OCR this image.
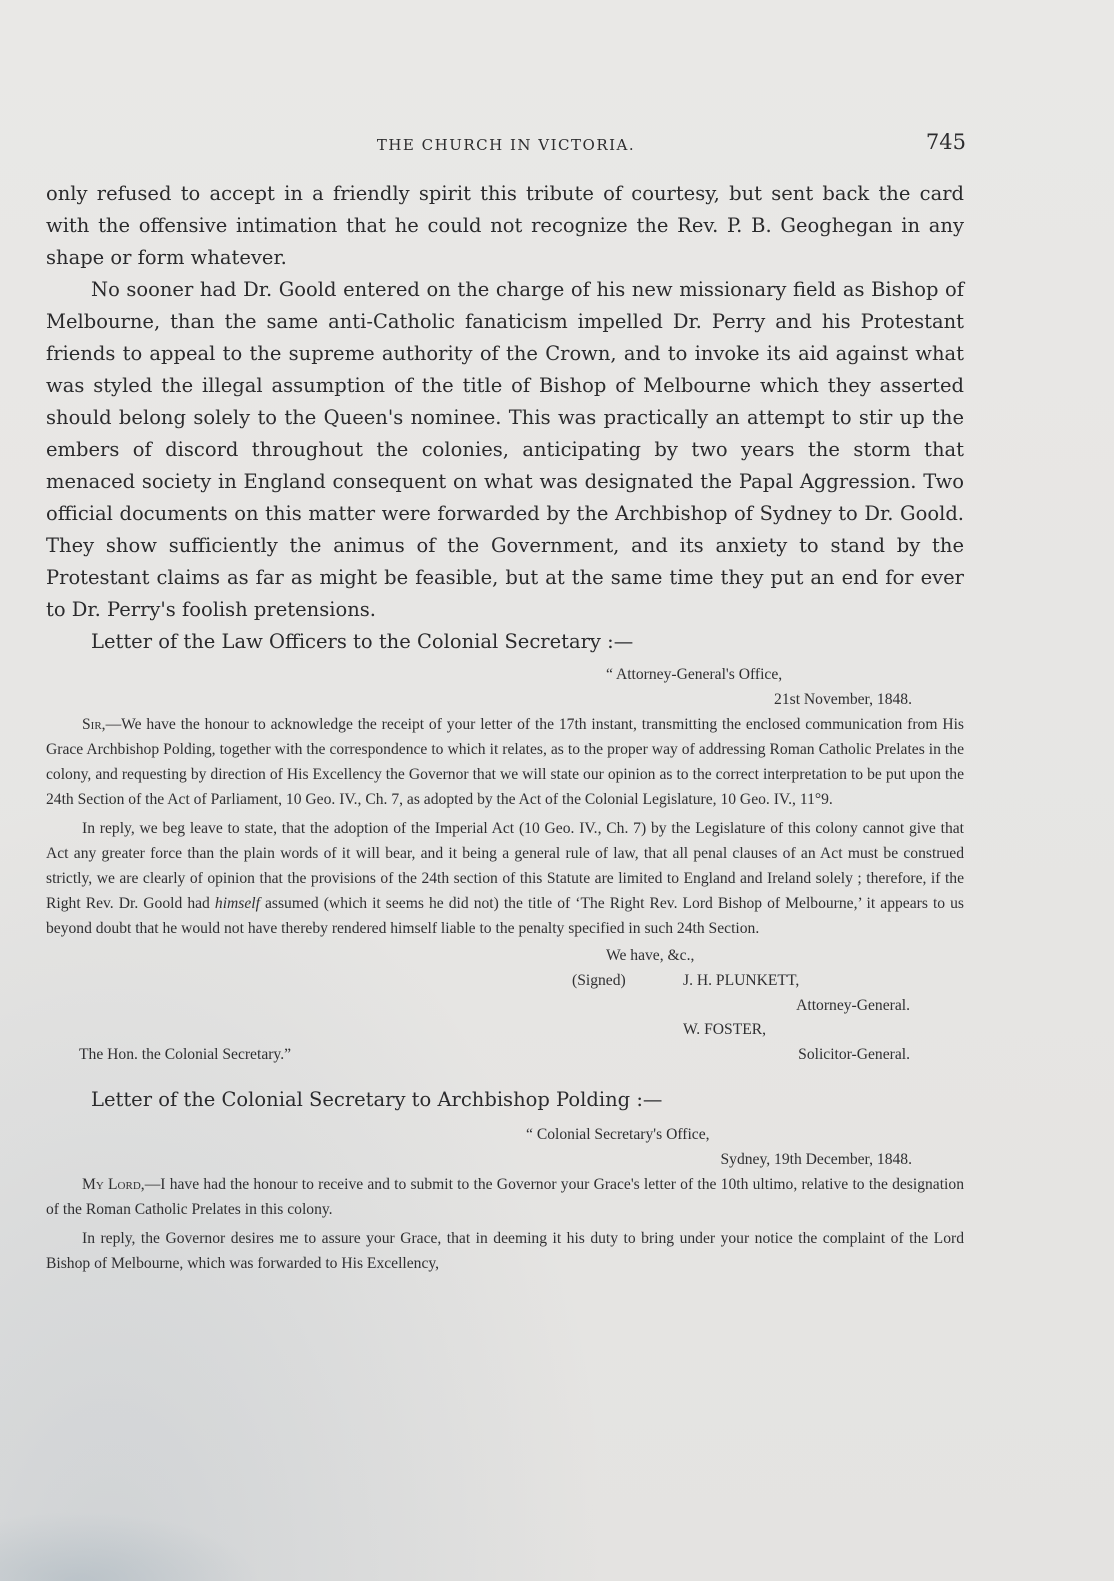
THE CHURCH IN VICTORIA.	745

only refused to accept in a friendly spirit this tribute of courtesy, but sent back the card with the offensive intimation that he could not recognize the Rev. P. B. Geoghegan in any shape or form whatever.

No sooner had Dr. Goold entered on the charge of his new missionary field as Bishop of Melbourne, than the same anti-Catholic fanaticism impelled Dr. Perry and his Protestant friends to appeal to the supreme authority of the Crown, and to invoke its aid against what was styled the illegal assumption of the title of Bishop of Melbourne which they asserted should belong solely to the Queen's nominee. This was practically an attempt to stir up the embers of discord throughout the colonies, anticipating by two years the storm that menaced society in England consequent on what was designated the Papal Aggression. Two official documents on this matter were forwarded by the Archbishop of Sydney to Dr. Goold. They show sufficiently the animus of the Government, and its anxiety to stand by the Protestant claims as far as might be feasible, but at the same time they put an end for ever to Dr. Perry's foolish pretensions.

Letter of the Law Officers to the Colonial Secretary :—

“ Attorney-General's Office,

21st November, 1848.

Sir,—We have the honour to acknowledge the receipt of your letter of the 17th instant, transmitting the enclosed communication from His Grace Archbishop Polding, together with the correspondence to which it relates, as to the proper way of addressing Roman Catholic Prelates in the colony, and requesting by direction of His Excellency the Governor that we will state our opinion as to the correct interpretation to be put upon the 24th Section of the Act of Parliament, 10 Geo. IV., Ch. 7, as adopted by the Act of the Colonial Legislature, 10 Geo. IV., 11°9.

In reply, we beg leave to state, that the adoption of the Imperial Act (10 Geo. IV., Ch. 7) by the Legislature of this colony cannot give that Act any greater force than the plain words of it will bear, and it being a general rule of law, that all penal clauses of an Act must be construed strictly, we are clearly of opinion that the provisions of the 24th section of this Statute are limited to England and Ireland solely ; therefore, if the Right Rev. Dr. Goold had himself assumed (which it seems he did not) the title of ‘The Right Rev. Lord Bishop of Melbourne,’ it appears to us beyond doubt that he would not have thereby rendered himself liable to the penalty specified in such 24th Section.

We have, &c.,
(Signed)	J. H. PLUNKETT,
Attorney-General.
W. FOSTER,
The Hon. the Colonial Secretary.”	Solicitor-General.

Letter of the Colonial Secretary to Archbishop Polding :—

“ Colonial Secretary's Office,

Sydney, 19th December, 1848.

My Lord,—I have had the honour to receive and to submit to the Governor your Grace's letter of the 10th ultimo, relative to the designation of the Roman Catholic Prelates in this colony.

In reply, the Governor desires me to assure your Grace, that in deeming it his duty to bring under your notice the complaint of the Lord Bishop of Melbourne, which was forwarded to His Excellency,
